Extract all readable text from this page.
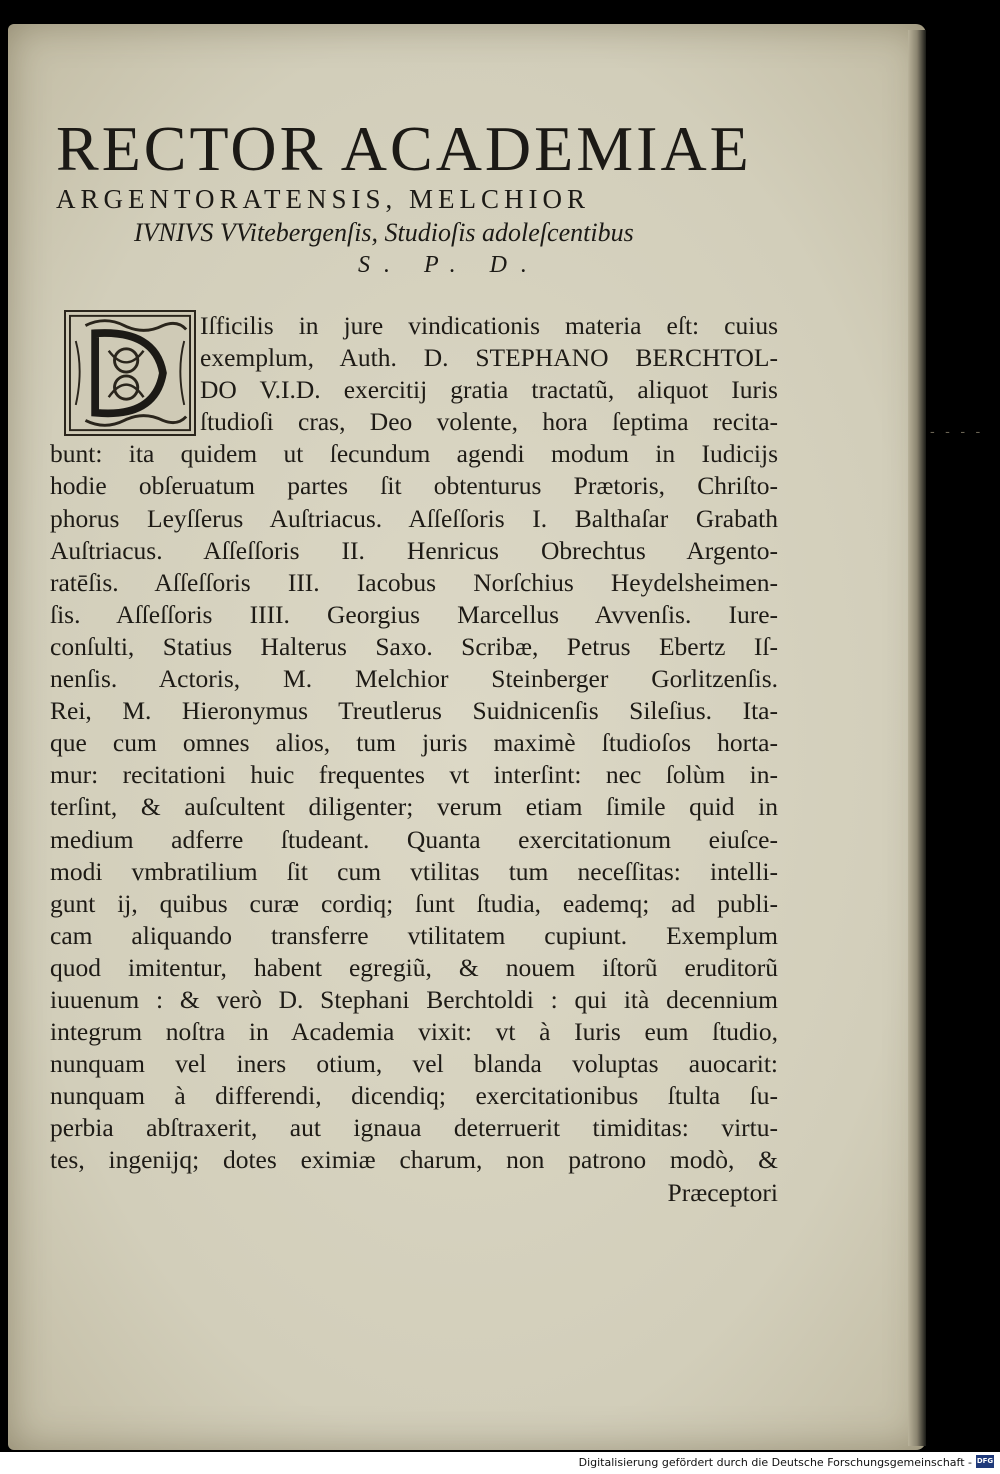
RECTOR ACADEMIAE
ARGENTORATENSIS, MELCHIOR
IVNIVS VVitebergenſis, Studioſis adoleſcentibus
S. P. D.
Iſficilis in jure vindicationis materia eſt: cuius
exemplum, Auth. D. STEPHANO BERCHTOL-
DO V.I.D. exercitij gratia tractatũ, aliquot Iuris
ſtudioſi cras, Deo volente, hora ſeptima recita-
bunt: ita quidem ut ſecundum agendi modum in Iudicijs
hodie obſeruatum partes ſit obtenturus Prætoris, Chriſto-
phorus Leyſſerus Auſtriacus. Aſſeſſoris I. Balthaſar Grabath
Auſtriacus. Aſſeſſoris II. Henricus Obrechtus Argento-
ratēſis. Aſſeſſoris III. Iacobus Norſchius Heydelsheimen-
ſis. Aſſeſſoris IIII. Georgius Marcellus Avvenſis. Iure-
conſulti, Statius Halterus Saxo. Scribæ, Petrus Ebertz Iſ-
nenſis. Actoris, M. Melchior Steinberger Gorlitzenſis.
Rei, M. Hieronymus Treutlerus Suidnicenſis Sileſius. Ita-
que cum omnes alios, tum juris maximè ſtudioſos horta-
mur: recitationi huic frequentes vt interſint: nec ſolùm in-
terſint, & auſcultent diligenter; verum etiam ſimile quid in
medium adferre ſtudeant. Quanta exercitationum eiuſce-
modi vmbratilium ſit cum vtilitas tum neceſſitas: intelli-
gunt ij, quibus curæ cordiq; ſunt ſtudia, eademq; ad publi-
cam aliquando transferre vtilitatem cupiunt. Exemplum
quod imitentur, habent egregiũ, & nouem iſtorũ eruditorũ
iuuenum : & verò D. Stephani Berchtoldi : qui ità decennium
integrum noſtra in Academia vixit: vt à Iuris eum ſtudio,
nunquam vel iners otium, vel blanda voluptas auocarit:
nunquam à differendi, dicendiq; exercitationibus ſtulta ſu-
perbia abſtraxerit, aut ignaua deterruerit timiditas: virtu-
tes, ingenijq; dotes eximiæ charum, non patrono modò, &
Præceptori
- - - -
Digitalisierung gefördert durch die Deutsche Forschungsgemeinschaft - DFG
